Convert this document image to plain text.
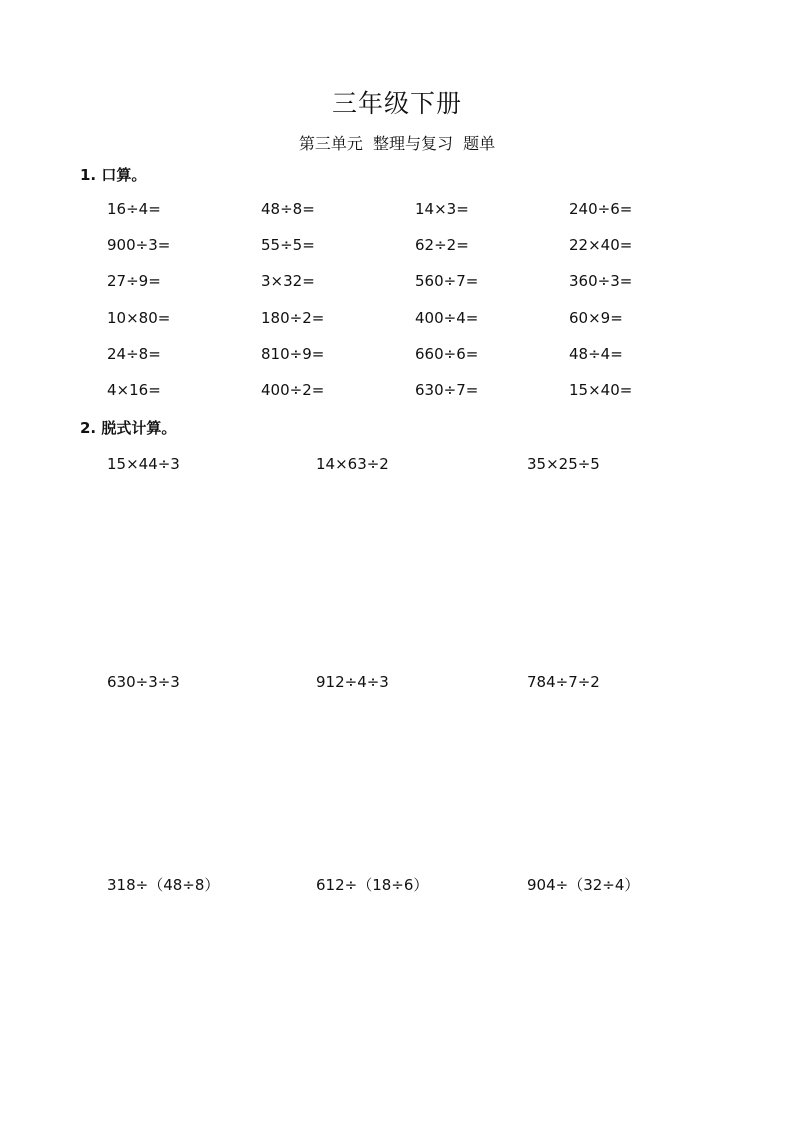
三年级下册
第三单元  整理与复习  题单
1. 口算。
16÷4=	48÷8=	14×3=	240÷6=
900÷3=	55÷5=	62÷2=	22×40=
27÷9=	3×32=	560÷7=	360÷3=
10×80=	180÷2=	400÷4=	60×9=
24÷8=	810÷9=	660÷6=	48÷4=
4×16=	400÷2=	630÷7=	15×40=
2. 脱式计算。
15×44÷3	14×63÷2	35×25÷5
630÷3÷3	912÷4÷3	784÷7÷2
318÷（48÷8）	612÷（18÷6）	904÷（32÷4）
